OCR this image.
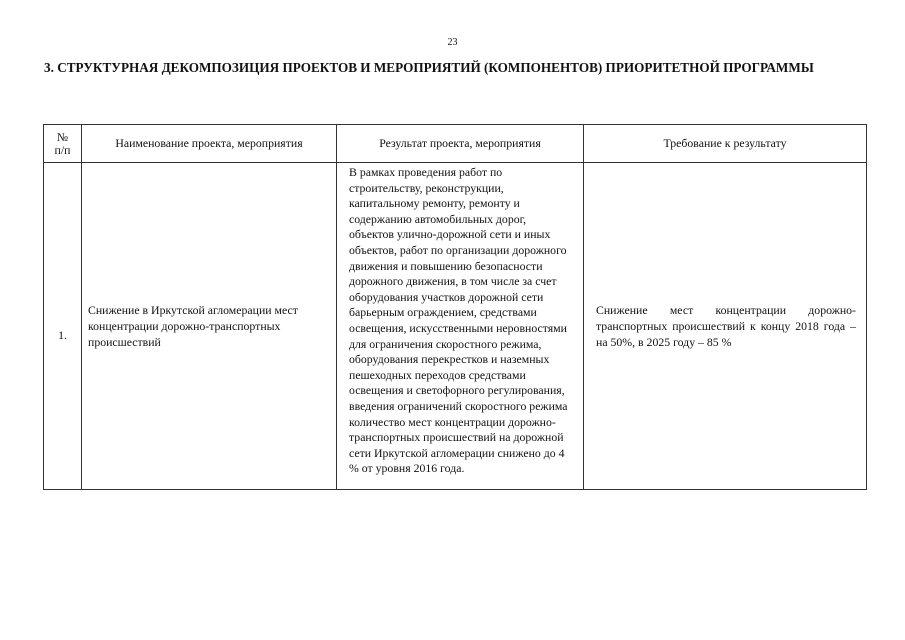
23
3. СТРУКТУРНАЯ ДЕКОМПОЗИЦИЯ ПРОЕКТОВ И МЕРОПРИЯТИЙ (КОМПОНЕНТОВ) ПРИОРИТЕТНОЙ ПРОГРАММЫ
№
п/п	Наименование проекта, мероприятия	Результат проекта, мероприятия	Требование к результату

1.	Снижение в Иркутской агломерации мест концентрации дорожно-транспортных происшествий	В рамках проведения работ по строительству, реконструкции, капитальному ремонту, ремонту и содержанию автомобильных дорог, объектов улично-дорожной сети и иных объектов, работ по организации дорожного движения и повышению безопасности дорожного движения, в том числе за счет оборудования участков дорожной сети барьерным ограждением, средствами освещения, искусственными неровностями для ограничения скоростного режима, оборудования перекрестков и наземных пешеходных переходов средствами освещения и светофорного регулирования, введения ограничений скоростного режима количество мест концентрации дорожно-транспортных происшествий на дорожной сети Иркутской агломерации снижено до 4 % от уровня 2016 года.	Снижение мест концентрации дорожно-транспортных происшествий к концу 2018 года – на 50%, в 2025 году – 85 %
